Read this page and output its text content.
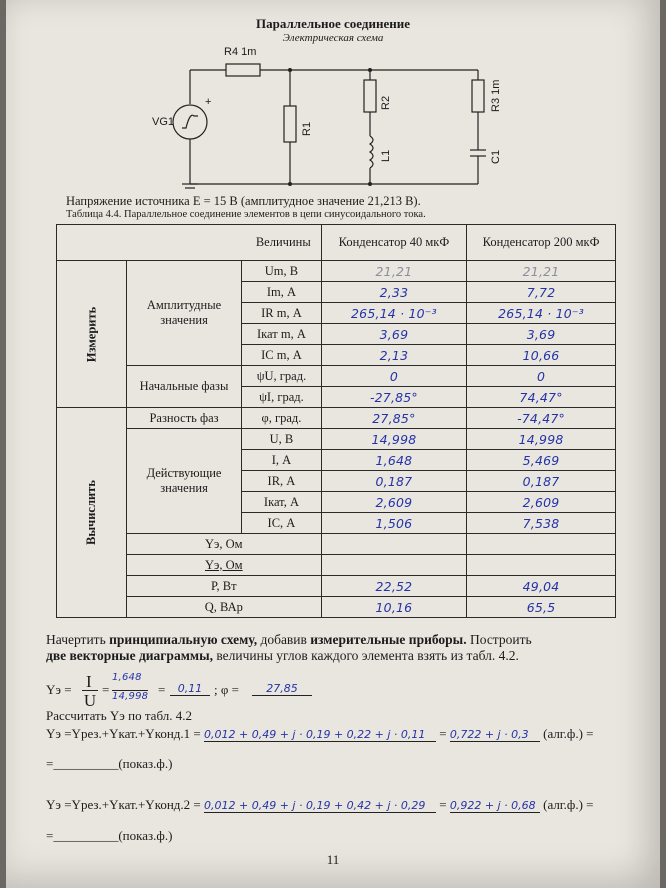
Параллельное соединение
Электрическая схема
R4 1m
VG1
+
R1
R2
L1
R3 1m
C1
Напряжение источника E = 15 В (амплитудное значение 21,213 В).
Таблица 4.4. Параллельное соединение элементов в цепи синусоидального тока.
Величины			Конденсатор 40 мкФ	Конденсатор 200 мкФ
Измерить	Амплитудные значения	Um, В	21,21	21,21
		Im, А	2,33	7,72
		IR m, А	265,14 · 10⁻³	265,14 · 10⁻³
		Iкат m, А	3,69	3,69
		IC m, А	2,13	10,66
	Начальные фазы	ψU, град.	0	0
		ψI, град.	-27,85°	74,47°
Вычислить	Разность фаз	φ, град.	27,85°	-74,47°
	Действующие значения	U, В	14,998	14,998
		I, А	1,648	5,469
		IR, А	0,187	0,187
		Iкат, А	2,609	2,609
		IC, А	1,506	7,538
	Yэ, Ом			
	Yэ, Ом			
	P, Вт		22,52	49,04
	Q, ВАр		10,16	65,5
Начертить принципиальную схему, добавив измерительные приборы. Построить
две векторные диаграммы, величины углов каждого элемента взять из табл. 4.2.
Yэ = I
U
=
1,648
14,998 =	0,11 ; φ =	27,85
Рассчитать Yэ по табл. 4.2
Yэ =Yрез.+Yкат.+Yконд.1 = 0,012 + 0,49 + j · 0,19 + 0,22 + j · 0,11 = 0,722 + j · 0,3 (алг.ф.) =
=__________(показ.ф.)
Yэ =Yрез.+Yкат.+Yконд.2 = 0,012 + 0,49 + j · 0,19 + 0,42 + j · 0,29 = 0,922 + j · 0,68 (алг.ф.) =
=__________(показ.ф.)
11
